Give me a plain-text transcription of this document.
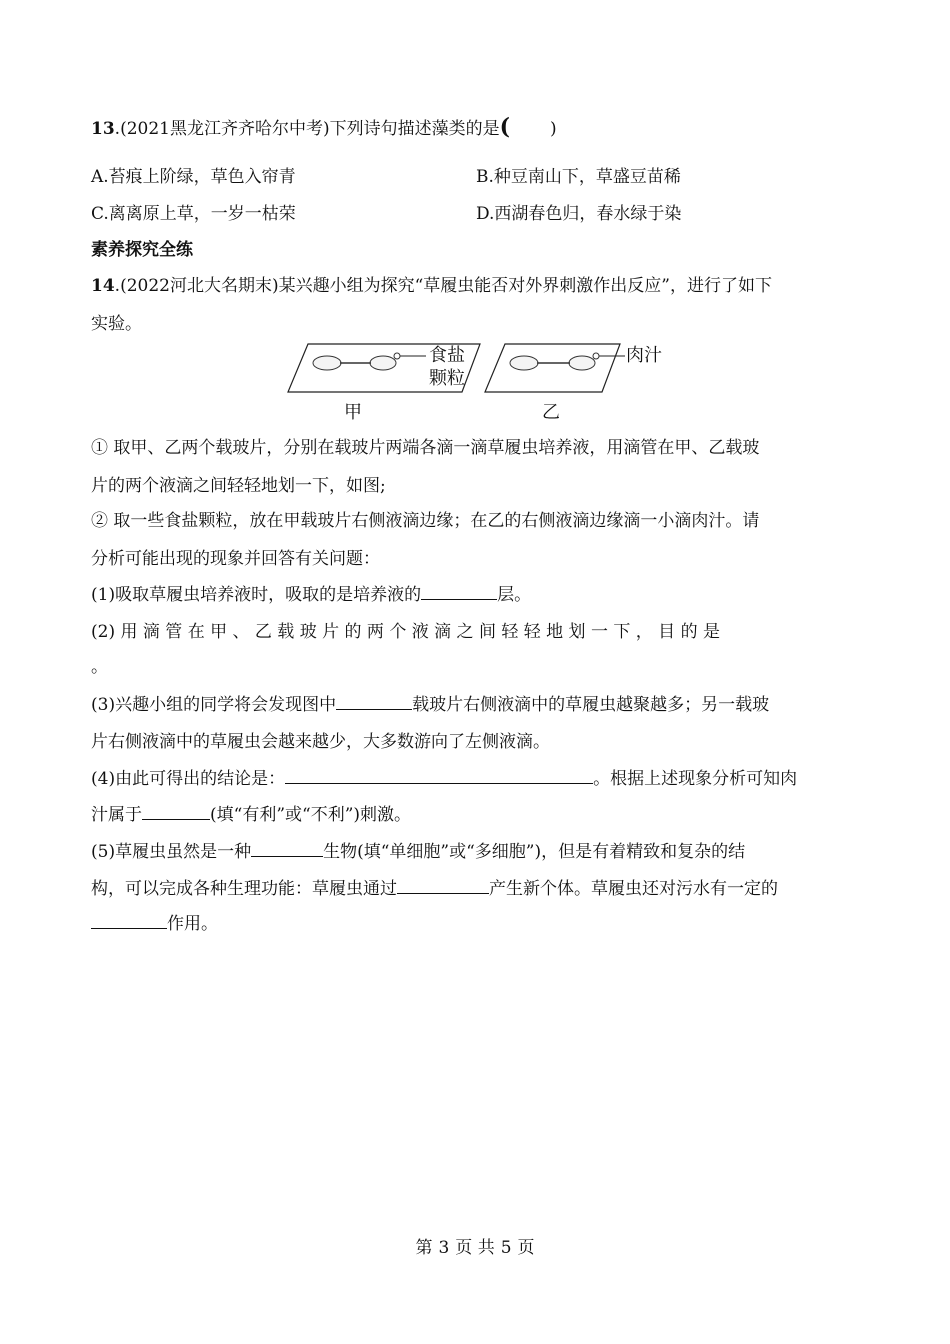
13.(2021黑龙江齐齐哈尔中考)下列诗句描述藻类的是( )
A.苔痕上阶绿，草色入帘青	B.种豆南山下，草盛豆苗稀
C.离离原上草，一岁一枯荣	D.西湖春色归，春水绿于染
素养探究全练
14.(2022河北大名期末)某兴趣小组为探究“草履虫能否对外界刺激作出反应”，进行了如下
实验。
食盐
颗粒
甲
肉汁
乙
① 取甲、乙两个载玻片，分别在载玻片两端各滴一滴草履虫培养液，用滴管在甲、乙载玻
片的两个液滴之间轻轻地划一下，如图;
② 取一些食盐颗粒，放在甲载玻片右侧液滴边缘；在乙的右侧液滴边缘滴一小滴肉汁。请
分析可能出现的现象并回答有关问题：
(1)吸取草履虫培养液时，吸取的是培养液的	层。
(2) 用 滴 管 在 甲 、 乙 载 玻 片 的 两 个 液 滴 之 间 轻 轻 地 划 一 下 ， 目 的 是
。
(3)兴趣小组的同学将会发现图中	载玻片右侧液滴中的草履虫越聚越多；另一载玻
片右侧液滴中的草履虫会越来越少，大多数游向了左侧液滴。
(4)由此可得出的结论是：	。根据上述现象分析可知肉
汁属于	(填“有利”或“不利”)刺激。
(5)草履虫虽然是一种	生物(填“单细胞”或“多细胞”)，但是有着精致和复杂的结
构，可以完成各种生理功能：草履虫通过	产生新个体。草履虫还对污水有一定的
作用。
第 3 页 共 5 页
